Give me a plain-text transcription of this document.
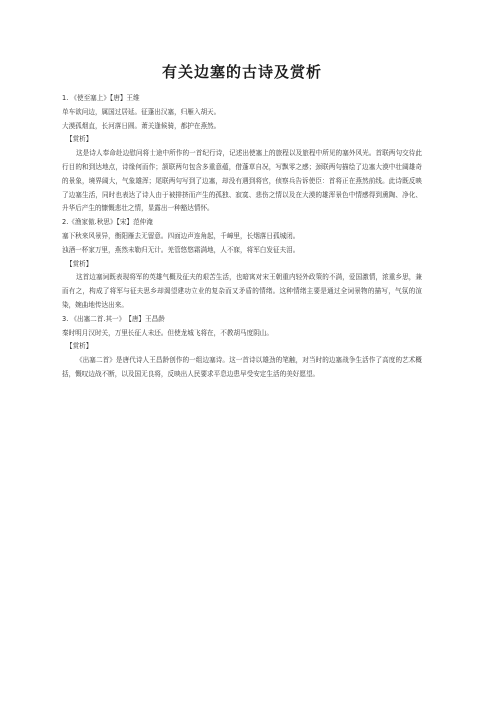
有关边塞的古诗及赏析
1. 《使至塞上》【唐】王维
单车欲问边，属国过居延。征蓬出汉塞，归雁入胡天。
大漠孤烟直，长河落日圆。萧关逢候骑，都护在燕然。
【赏析】
这是诗人奉命赴边慰问将士途中所作的一首纪行诗，记述出使塞上的旅程以及旅程中所见的塞外风光。首联两句交待此行目的和到达地点，诗缘何而作；颔联两句包含多重意蕴，借蓬草自况，写飘零之感；颈联两句描绘了边塞大漠中壮阔雄奇的景象，境界阔大，气象雄浑；尾联两句写到了边塞，却没有遇到将官，侦察兵告诉使臣：首将正在燕然前线。此诗既反映了边塞生活，同时也表达了诗人由于被排挤而产生的孤独、寂寞、悲伤之情以及在大漠的雄浑景色中情感得到熏陶、净化、升华后产生的慷慨悲壮之情，显露出一种豁达情怀。
2.《渔家傲.秋思》【宋】范仲淹
塞下秋来风景异，衡阳雁去无留意。四面边声连角起，千嶂里，长烟落日孤城闭。
浊酒一杯家万里，燕然未勒归无计。羌管悠悠霜满地，人不寐，将军白发征夫泪。
【赏析】
这首边塞词既表现将军的英雄气概及征夫的艰苦生活，也暗寓对宋王朝重内轻外政策的不满，爱国激情，浓重乡思，兼而有之，构成了将军与征夫思乡却渴望建功立业的复杂而又矛盾的情绪。这种情绪主要是通过全词景物的描写，气氛的渲染，婉曲地传达出来。
3. 《出塞二首.其一》　【唐】王昌龄
秦时明月汉时关，万里长征人未还。但使龙城飞将在，不教胡马度阴山。
【赏析】
《出塞二首》是唐代诗人王昌龄创作的一组边塞诗。这一首诗以雄劲的笔触，对当时的边塞战争生活作了高度的艺术概括，慨叹边战不断，以及国无良将，反映出人民要求平息边患早受安定生活的美好愿望。
